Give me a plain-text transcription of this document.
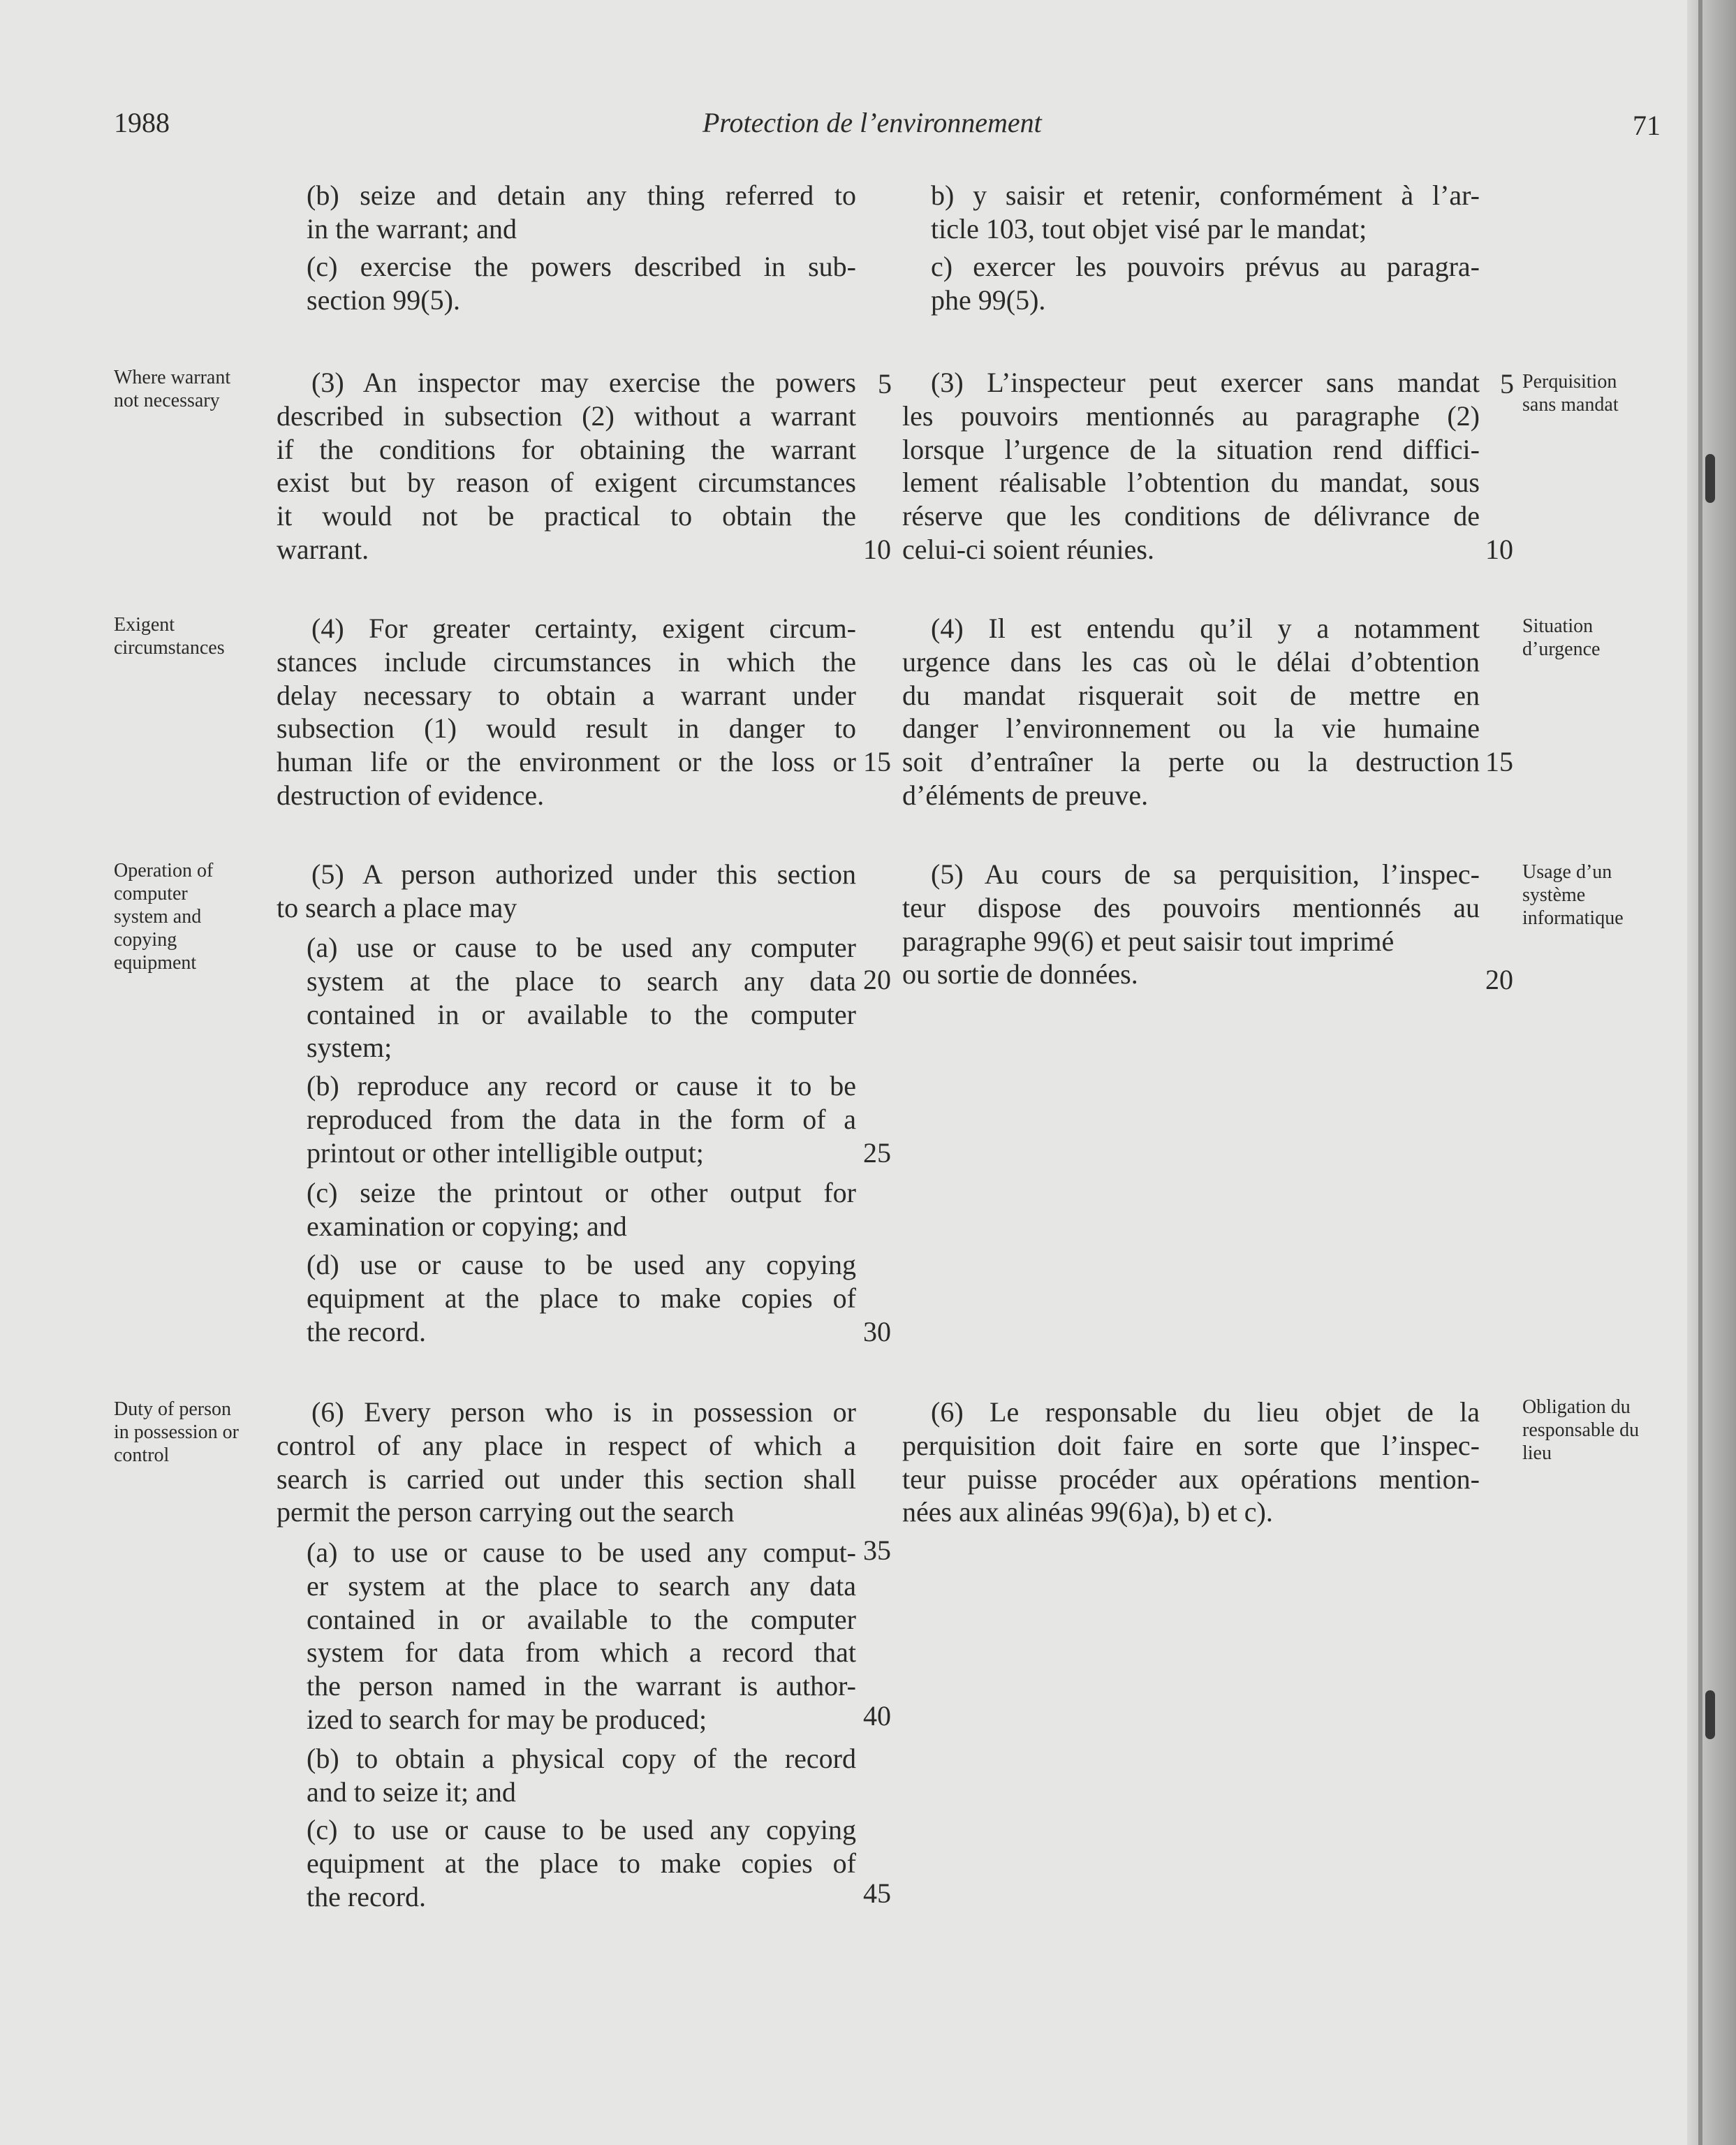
1988	Protection de l’environnement	71
Where warrant
not necessary
Exigent
circumstances
Operation of
computer
system and
copying
equipment
Duty of person
in possession or
control
Perquisition
sans mandat
Situation
d’urgence
Usage d’un
système
informatique
Obligation du
responsable du
lieu
(b) seize and detain any thing referred to
in the warrant; and
(c) exercise the powers described in sub-
section 99(5).
(3) An inspector may exercise the powers
described in subsection (2) without a warrant
if the conditions for obtaining the warrant
exist but by reason of exigent circumstances
it would not be practical to obtain the
warrant.
(4) For greater certainty, exigent circum-
stances include circumstances in which the
delay necessary to obtain a warrant under
subsection (1) would result in danger to
human life or the environment or the loss or
destruction of evidence.
(5) A person authorized under this section
to search a place may
(a) use or cause to be used any computer
system at the place to search any data
contained in or available to the computer
system;
(b) reproduce any record or cause it to be
reproduced from the data in the form of a
printout or other intelligible output;
(c) seize the printout or other output for
examination or copying; and
(d) use or cause to be used any copying
equipment at the place to make copies of
the record.
(6) Every person who is in possession or
control of any place in respect of which a
search is carried out under this section shall
permit the person carrying out the search
(a) to use or cause to be used any comput-
er system at the place to search any data
contained in or available to the computer
system for data from which a record that
the person named in the warrant is author-
ized to search for may be produced;
(b) to obtain a physical copy of the record
and to seize it; and
(c) to use or cause to be used any copying
equipment at the place to make copies of
the record.
5
10
15
20
25
30
35
40
45
b) y saisir et retenir, conformément à l’ar-
ticle 103, tout objet visé par le mandat;
c) exercer les pouvoirs prévus au paragra-
phe 99(5).
(3) L’inspecteur peut exercer sans mandat
les pouvoirs mentionnés au paragraphe (2)
lorsque l’urgence de la situation rend diffici-
lement réalisable l’obtention du mandat, sous
réserve que les conditions de délivrance de
celui-ci soient réunies.
(4) Il est entendu qu’il y a notamment
urgence dans les cas où le délai d’obtention
du mandat risquerait soit de mettre en
danger l’environnement ou la vie humaine
soit d’entraîner la perte ou la destruction
d’éléments de preuve.
(5) Au cours de sa perquisition, l’inspec-
teur dispose des pouvoirs mentionnés au
paragraphe 99(6) et peut saisir tout imprimé
ou sortie de données.
(6) Le responsable du lieu objet de la
perquisition doit faire en sorte que l’inspec-
teur puisse procéder aux opérations mention-
nées aux alinéas 99(6)a), b) et c).
5
10
15
20
